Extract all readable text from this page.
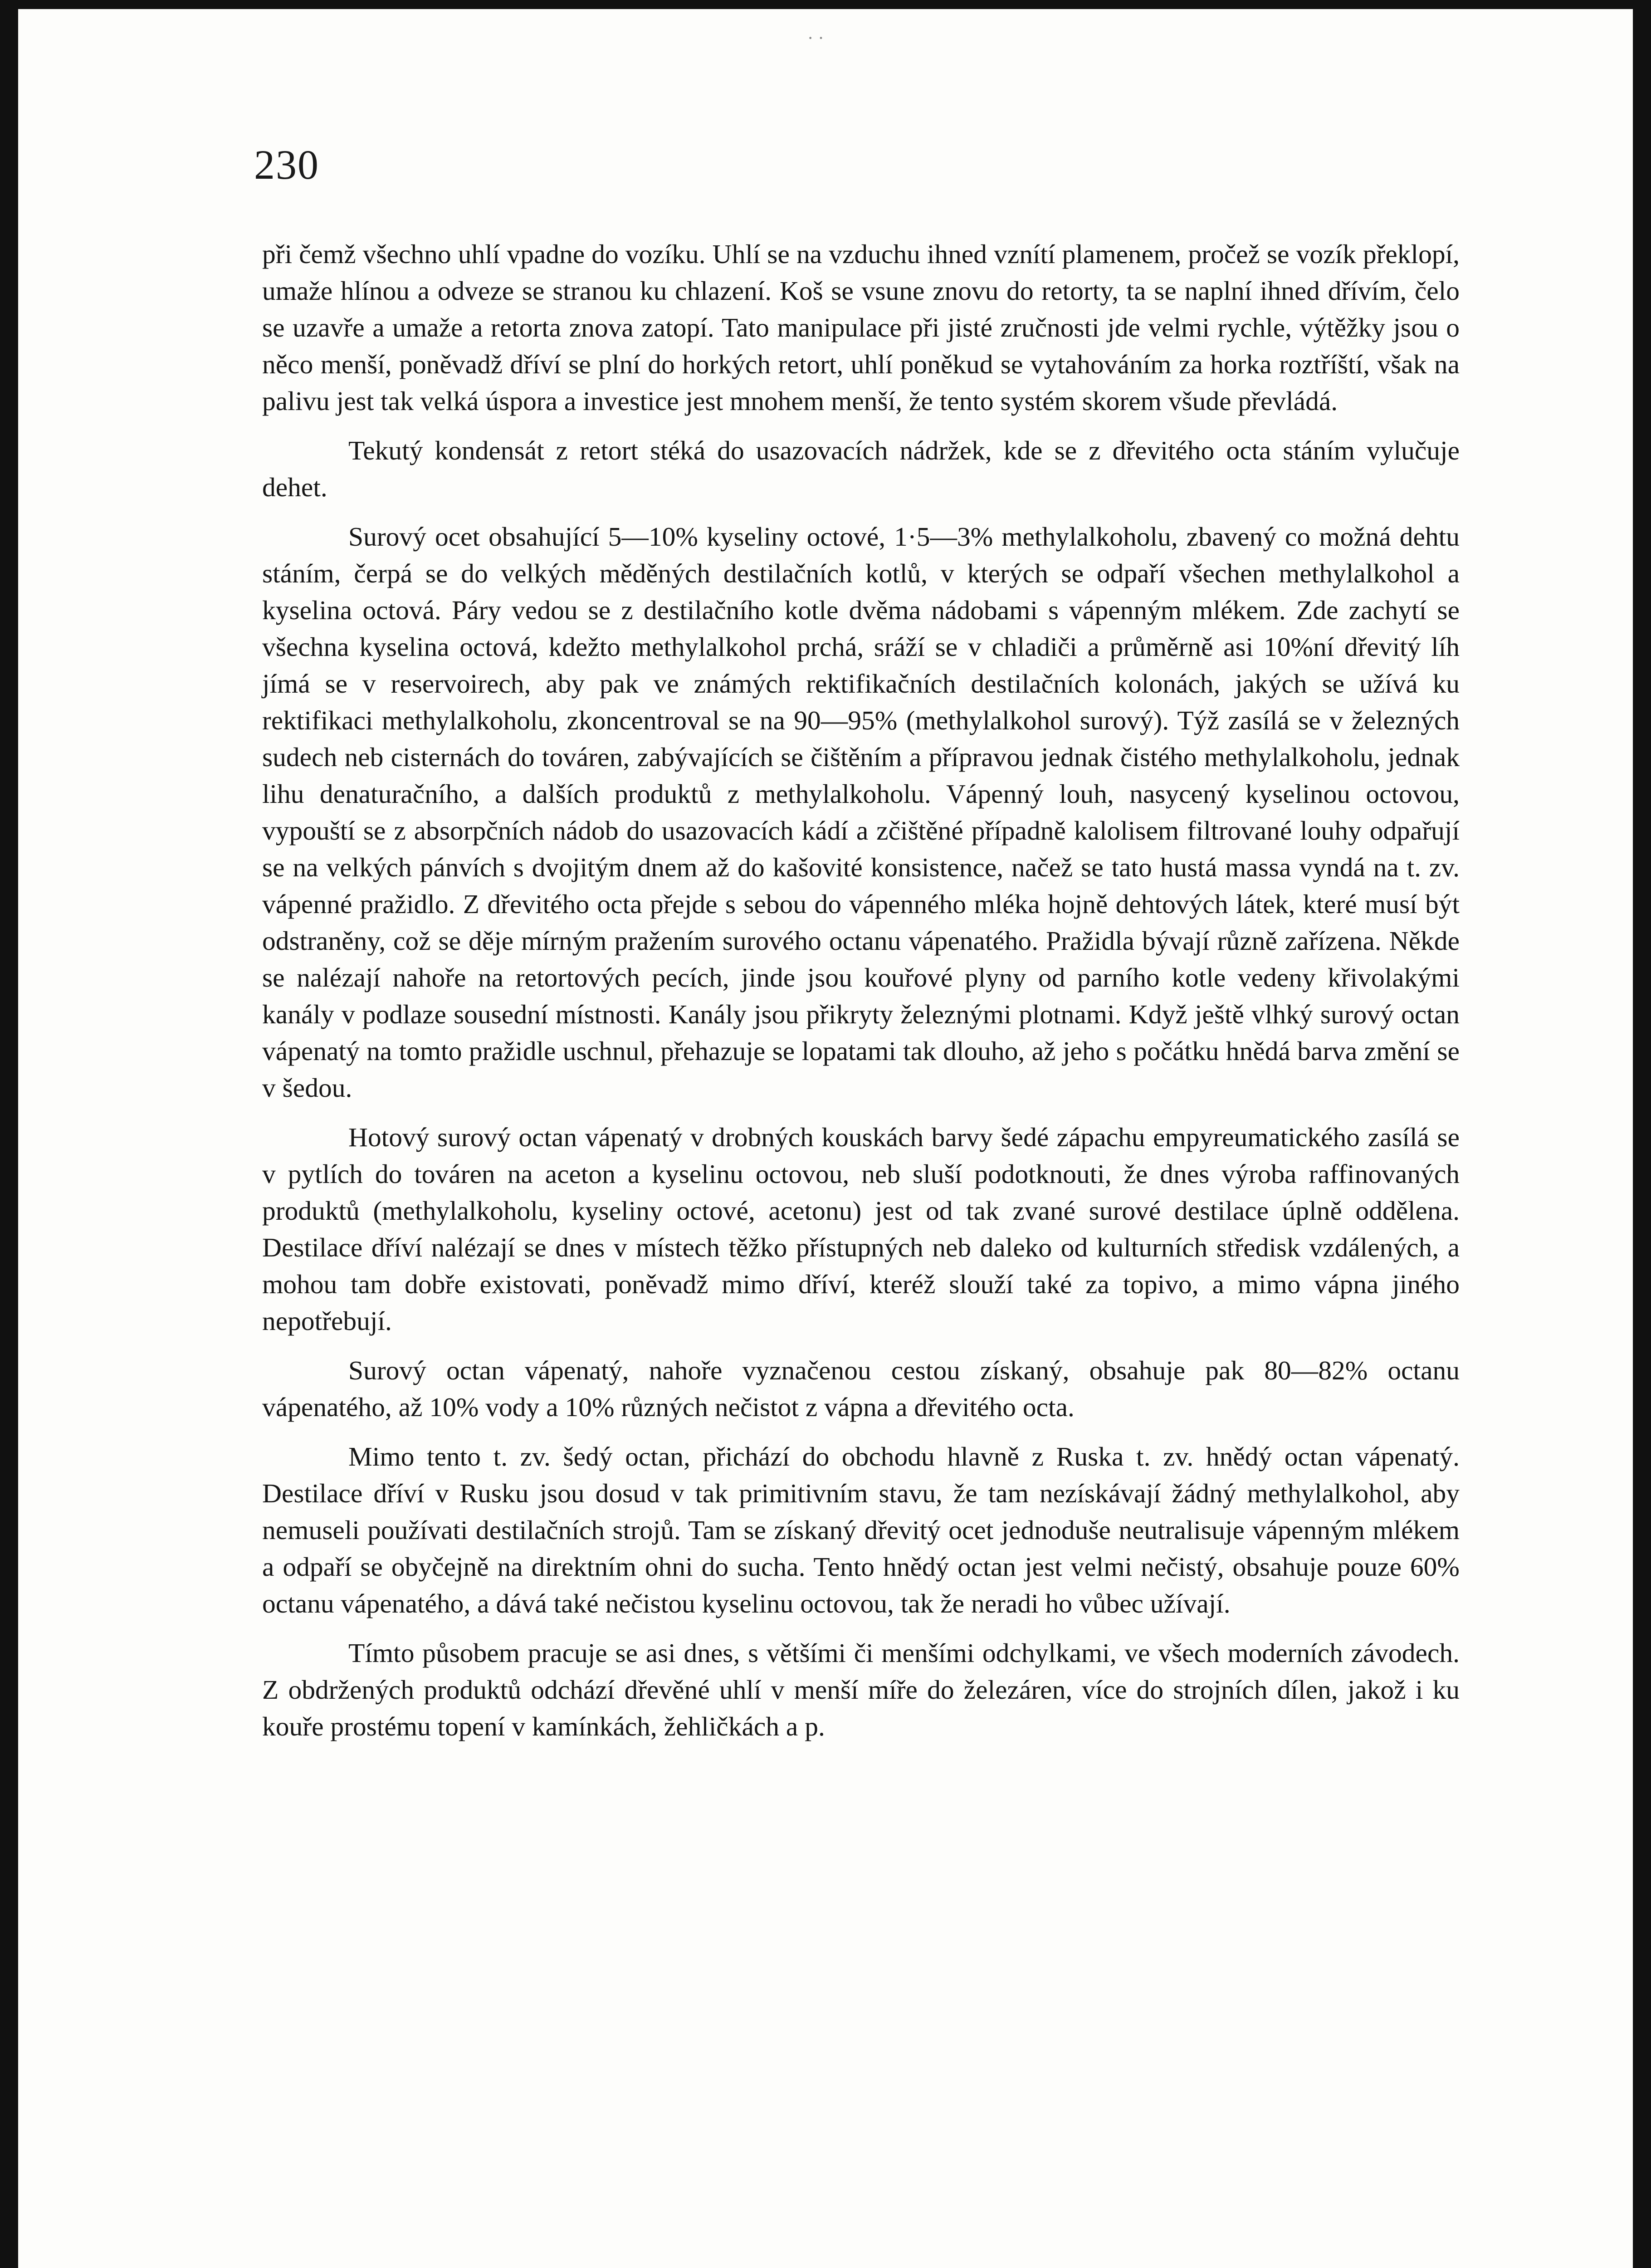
230
· ·

při čemž všechno uhlí vpadne do vozíku. Uhlí se na vzduchu ihned vznítí plamenem, pročež se vozík překlopí, umaže hlínou a odveze se stranou ku chlazení. Koš se vsune znovu do retorty, ta se naplní ihned dřívím, čelo se uzavře a umaže a retorta znova zatopí. Tato manipulace při jisté zručnosti jde velmi rychle, výtěžky jsou o něco menší, poněvadž dříví se plní do horkých retort, uhlí poněkud se vytahováním za horka roztříští, však na palivu jest tak velká úspora a investice jest mnohem menší, že tento systém skorem všude převládá.

Tekutý kondensát z retort stéká do usazovacích nádržek, kde se z dřevitého octa stáním vylučuje dehet.

Surový ocet obsahující 5—10% kyseliny octové, 1·5—3% methylalkoholu, zbavený co možná dehtu stáním, čerpá se do velkých měděných destilačních kotlů, v kterých se odpaří všechen methylalkohol a kyselina octová. Páry vedou se z destilačního kotle dvěma nádobami s vápenným mlékem. Zde zachytí se všechna kyselina octová, kdežto methylalkohol prchá, sráží se v chladiči a průměrně asi 10%ní dřevitý líh jímá se v reservoirech, aby pak ve známých rektifikačních destilačních kolonách, jakých se užívá ku rektifikaci methylalkoholu, zkoncentroval se na 90—95% (methylalkohol surový). Týž zasílá se v železných sudech neb cisternách do továren, zabývajících se čištěním a přípravou jednak čistého methylalkoholu, jednak lihu denaturačního, a dalších produktů z methylalkoholu. Vápenný louh, nasycený kyselinou octovou, vypouští se z absorpčních nádob do usazovacích kádí a zčištěné případně kalolisem filtrované louhy odpařují se na velkých pánvích s dvojitým dnem až do kašovité konsistence, načež se tato hustá massa vyndá na t. zv. vápenné pražidlo. Z dřevitého octa přejde s sebou do vápenného mléka hojně dehtových látek, které musí být odstraněny, což se děje mírným pražením surového octanu vápenatého. Pražidla bývají různě zařízena. Někde se nalézají nahoře na retortových pecích, jinde jsou kouřové plyny od parního kotle vedeny křivolakými kanály v podlaze sousední místnosti. Kanály jsou přikryty železnými plotnami. Když ještě vlhký surový octan vápenatý na tomto pražidle uschnul, přehazuje se lopatami tak dlouho, až jeho s počátku hnědá barva změní se v šedou.

Hotový surový octan vápenatý v drobných kouskách barvy šedé zápachu empyreumatického zasílá se v pytlích do továren na aceton a kyselinu octovou, neb sluší podotknouti, že dnes výroba raffinovaných produktů (methylalkoholu, kyseliny octové, acetonu) jest od tak zvané surové destilace úplně oddělena. Destilace dříví nalézají se dnes v místech těžko přístupných neb daleko od kulturních středisk vzdálených, a mohou tam dobře existovati, poněvadž mimo dříví, kteréž slouží také za topivo, a mimo vápna jiného nepotřebují.

Surový octan vápenatý, nahoře vyznačenou cestou získaný, obsahuje pak 80—82% octanu vápenatého, až 10% vody a 10% různých nečistot z vápna a dřevitého octa.

Mimo tento t. zv. šedý octan, přichází do obchodu hlavně z Ruska t. zv. hnědý octan vápenatý. Destilace dříví v Rusku jsou dosud v tak primitivním stavu, že tam nezískávají žádný methylalkohol, aby nemuseli používati destilačních strojů. Tam se získaný dřevitý ocet jednoduše neutralisuje vápenným mlékem a odpaří se obyčejně na direktním ohni do sucha. Tento hnědý octan jest velmi nečistý, obsahuje pouze 60% octanu vápenatého, a dává také nečistou kyselinu octovou, tak že neradi ho vůbec užívají.

Tímto působem pracuje se asi dnes, s většími či menšími odchylkami, ve všech moderních závodech. Z obdržených produktů odchází dřevěné uhlí v menší míře do železáren, více do strojních dílen, jakož i ku kouře prostému topení v kamínkách, žehličkách a p.
